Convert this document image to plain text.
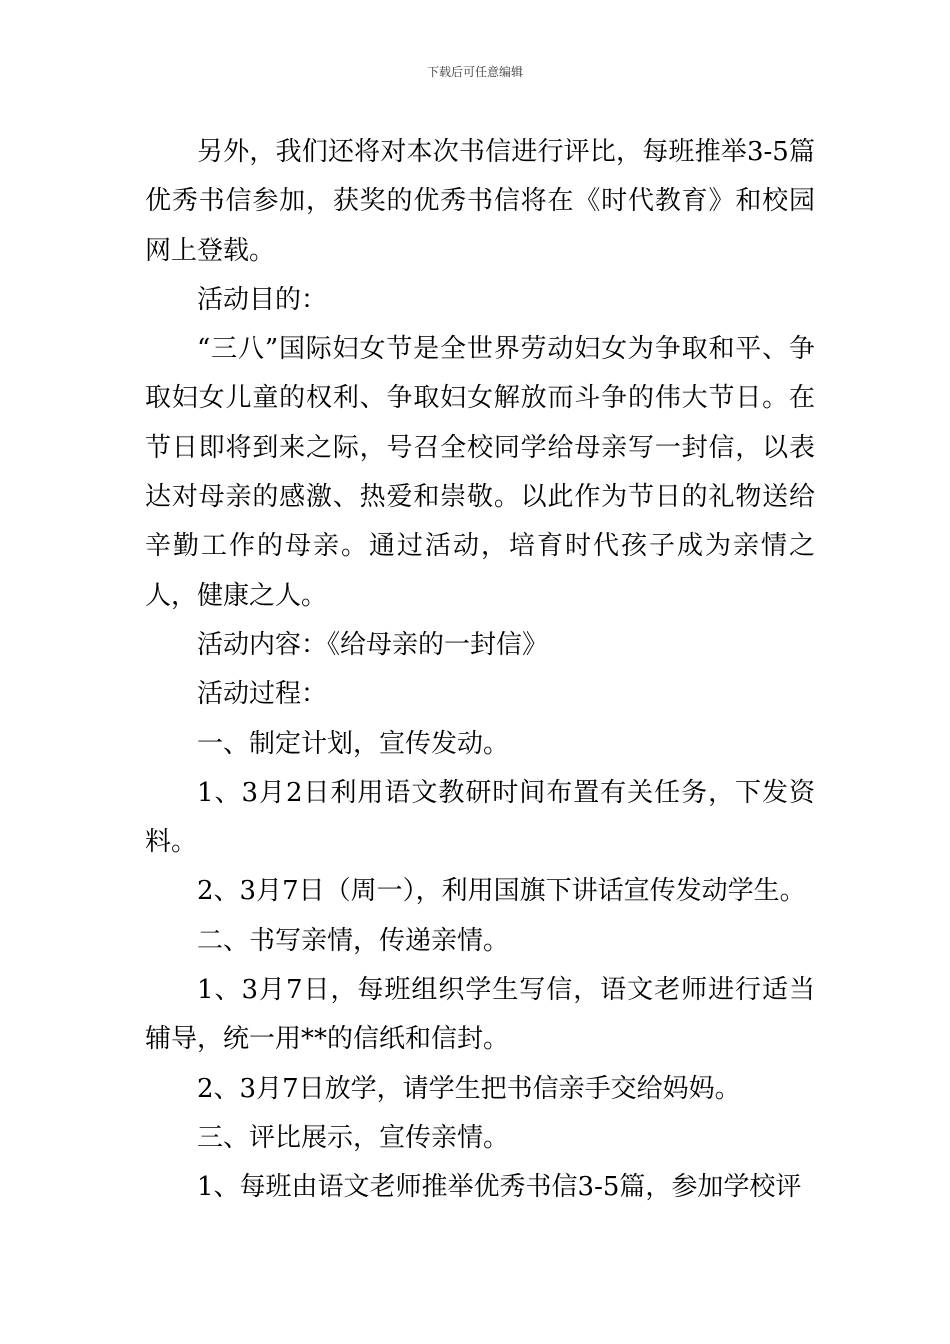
下载后可任意编辑

另外，我们还将对本次书信进行评比，每班推举3-5篇优秀书信参加，获奖的优秀书信将在《时代教育》和校园网上登载。

活动目的：

“三八”国际妇女节是全世界劳动妇女为争取和平、争取妇女儿童的权利、争取妇女解放而斗争的伟大节日。在节日即将到来之际，号召全校同学给母亲写一封信，以表达对母亲的感激、热爱和崇敬。以此作为节日的礼物送给辛勤工作的母亲。通过活动，培育时代孩子成为亲情之人，健康之人。

活动内容：《给母亲的一封信》

活动过程：

一、制定计划，宣传发动。

1、3月2日利用语文教研时间布置有关任务，下发资料。

2、3月7日（周一），利用国旗下讲话宣传发动学生。

二、书写亲情，传递亲情。

1、3月7日，每班组织学生写信，语文老师进行适当辅导，统一用**的信纸和信封。

2、3月7日放学，请学生把书信亲手交给妈妈。

三、评比展示，宣传亲情。

1、每班由语文老师推举优秀书信3-5篇，参加学校评
